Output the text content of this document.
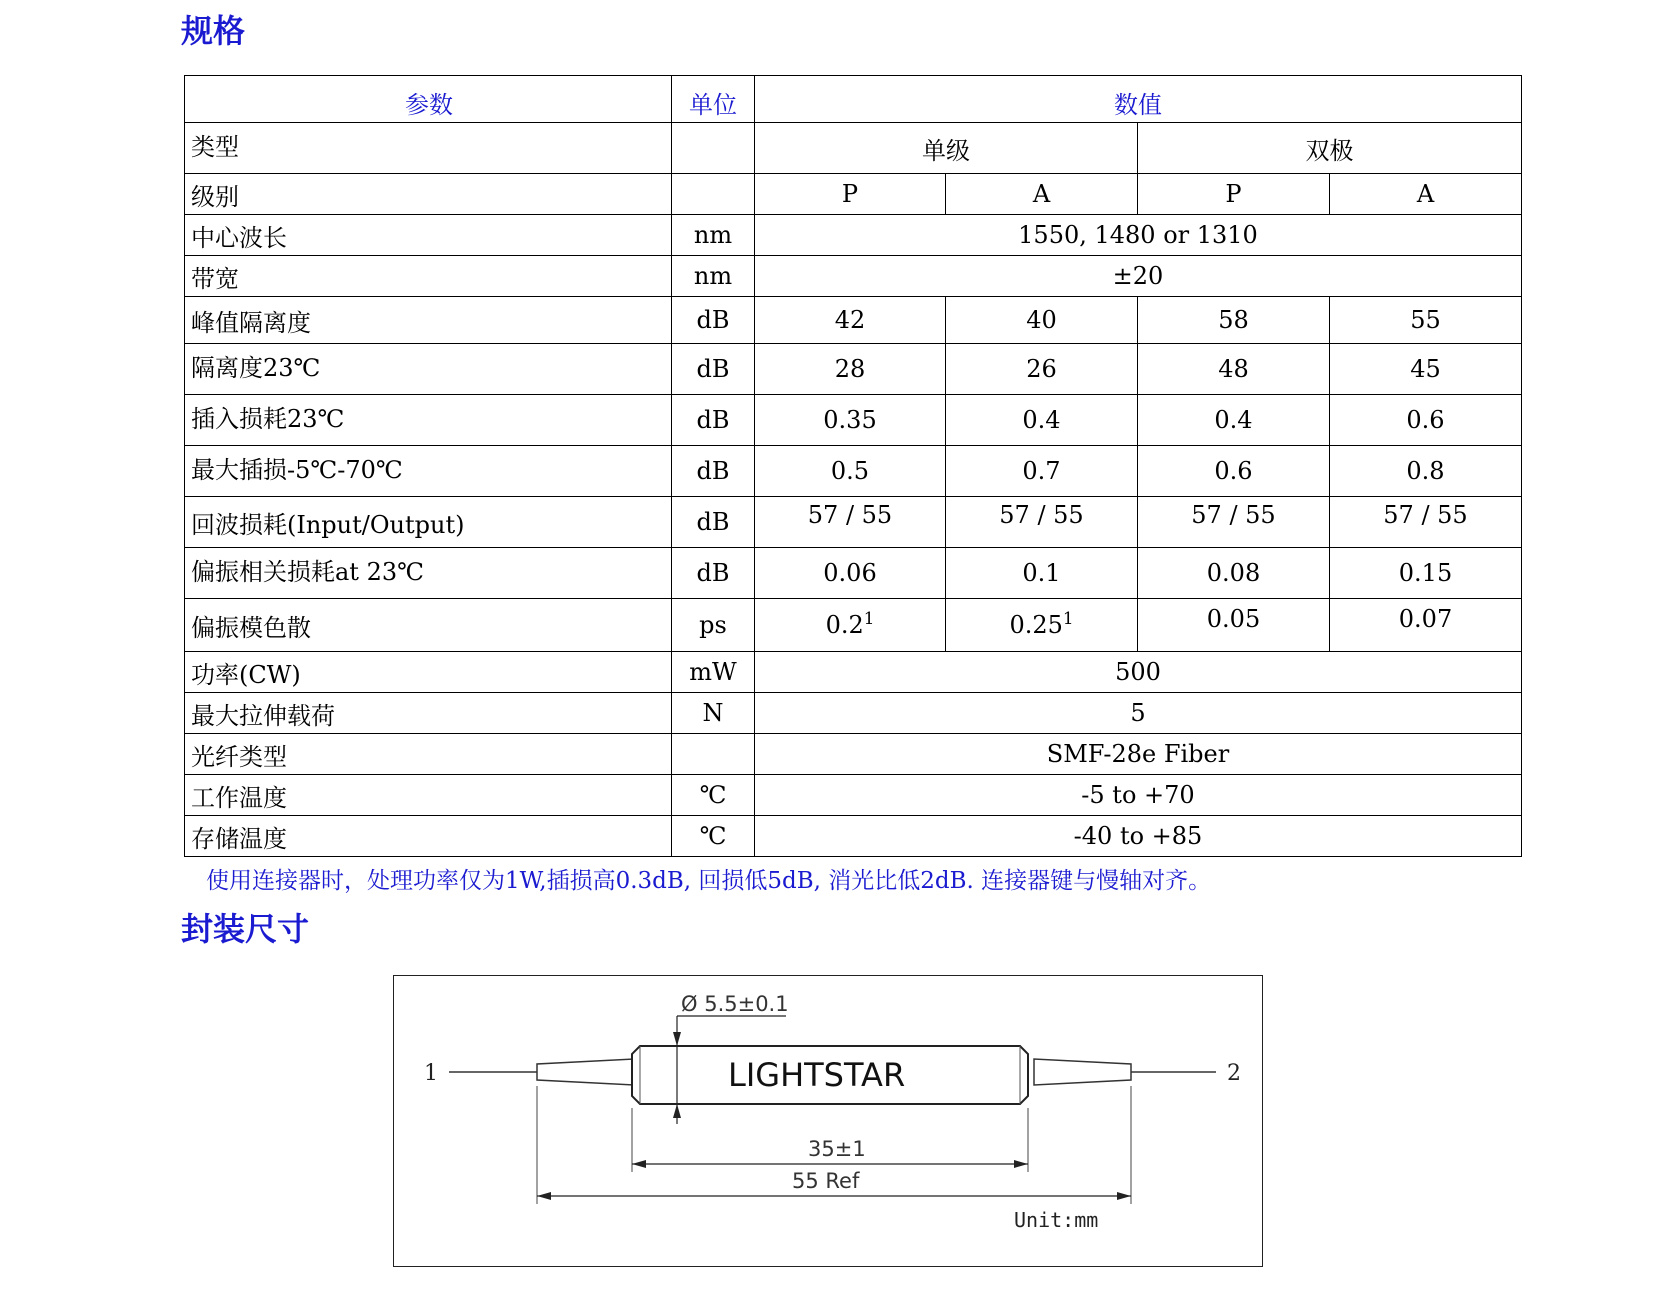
规格
参数	单位	数值			
类型		单级		双极	
级别		P	A	P	A
中心波长	nm	1550, 1480 or 1310			
带宽	nm	±20			
峰值隔离度	dB	42	40	58	55
隔离度23℃	dB	28	26	48	45
插入损耗23℃	dB	0.35	0.4	0.4	0.6
最大插损-5℃-70℃	dB	0.5	0.7	0.6	0.8
回波损耗(Input/Output)	dB	57 / 55	57 / 55	57 / 55	57 / 55
偏振相关损耗at 23℃	dB	0.06	0.1	0.08	0.15
偏振模色散	ps	$0.2^1$	0.25$^1$	0.05	0.07
功率(CW)	mW	500			
最大拉伸载荷	N	5			
光纤类型		SMF-28e Fiber			
工作温度	℃	-5 to +70			
存储温度	℃	-40 to +85			

使用连接器时，处理功率仅为1W,插损高0.3dB, 回损低5dB, 消光比低2dB. 连接器键与慢轴对齐。

封装尺寸
1	2
LIGHTSTAR
Ø 5.5±0.1
35±1
55 Ref
Unit:mm
